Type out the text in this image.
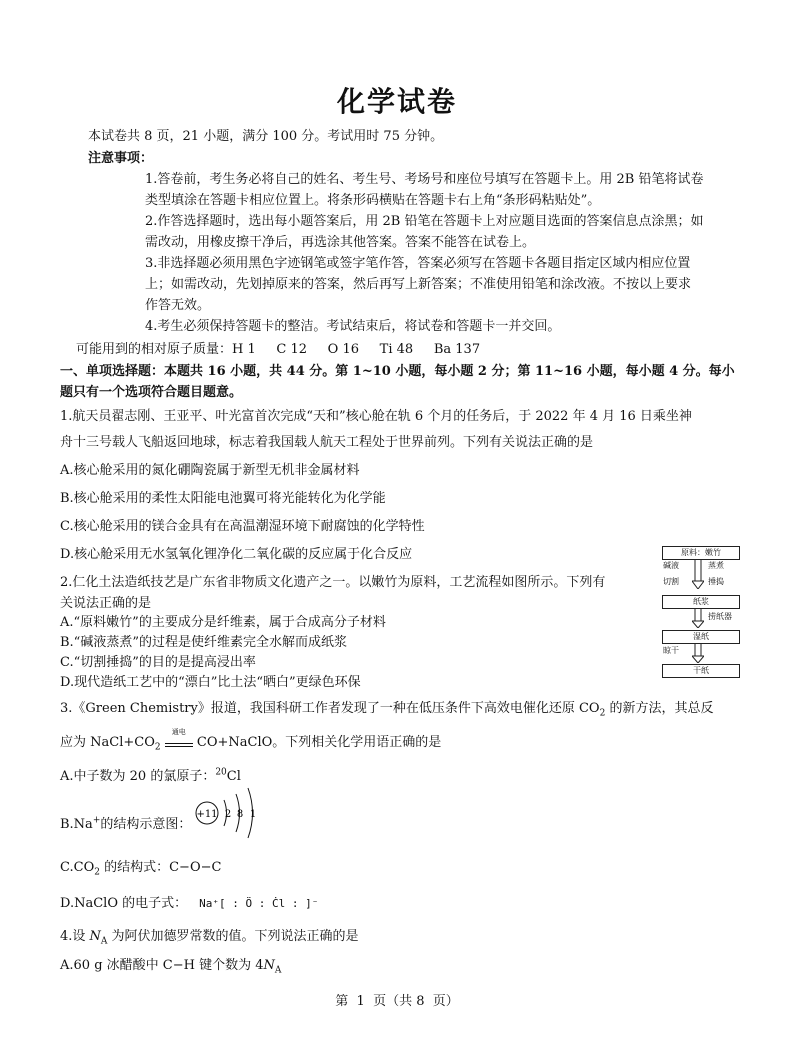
化学试卷
本试卷共 8 页，21 小题，满分 100 分。考试用时 75 分钟。
注意事项：
1.答卷前，考生务必将自己的姓名、考生号、考场号和座位号填写在答题卡上。用 2B 铅笔将试卷
类型填涂在答题卡相应位置上。将条形码横贴在答题卡右上角“条形码粘贴处”。
2.作答选择题时，选出每小题答案后，用 2B 铅笔在答题卡上对应题目选面的答案信息点涂黑；如
需改动，用橡皮擦干净后，再选涂其他答案。答案不能答在试卷上。
3.非选择题必须用黑色字迹钢笔或签字笔作答，答案必须写在答题卡各题目指定区域内相应位置
上；如需改动，先划掉原来的答案，然后再写上新答案；不准使用铅笔和涂改液。不按以上要求
作答无效。
4.考生必须保持答题卡的整洁。考试结束后，将试卷和答题卡一并交回。
可能用到的相对原子质量：H 1     C 12     O 16     Ti 48     Ba 137
一、单项选择题：本题共 16 小题，共 44 分。第 1~10 小题，每小题 2 分；第 11~16 小题，每小题 4 分。每小
题只有一个选项符合题目题意。
1.航天员翟志刚、王亚平、叶光富首次完成“天和”核心舱在轨 6 个月的任务后，于 2022 年 4 月 16 日乘坐神
舟十三号载人飞船返回地球，标志着我国载人航天工程处于世界前列。下列有关说法正确的是
A.核心舱采用的氮化硼陶瓷属于新型无机非金属材料
B.核心舱采用的柔性太阳能电池翼可将光能转化为化学能
C.核心舱采用的镁合金具有在高温潮湿环境下耐腐蚀的化学特性
D.核心舱采用无水氢氧化锂净化二氧化碳的反应属于化合反应
2.仁化土法造纸技艺是广东省非物质文化遗产之一。以嫩竹为原料，工艺流程如图所示。下列有
关说法正确的是
A.“原料嫩竹”的主要成分是纤维素，属于合成高分子材料
B.“碱液蒸煮”的过程是使纤维素完全水解而成纸浆
C.“切割捶捣”的目的是提高浸出率
D.现代造纸工艺中的“漂白”比土法“晒白”更绿色环保
原料：嫩竹
碱液	蒸煮
切割	捶捣
纸浆
捞纸器
湿纸
晾干
干纸
3.《Green Chemistry》报道，我国科研工作者发现了一种在低压条件下高效电催化还原 $CO_2$ 的新方法，其总反
应为 $NaCl+CO_2$
通电
CO+NaClO。下列相关化学用语正确的是
A.中子数为 20 的氯原子：$^{20}$Cl
B.Na+的结构示意图：
+11 2 8 1
$C.CO_2$ 的结构式：C−O−C
D.NaClO 的电子式： Na⁺[ : Ö : Ċl : ]⁻
4.设 $N_A$ 为阿伏加德罗常数的值。下列说法正确的是
A.60 g 冰醋酸中 C−H 键个数为 $4N_A$
第  1  页（共 8  页）
